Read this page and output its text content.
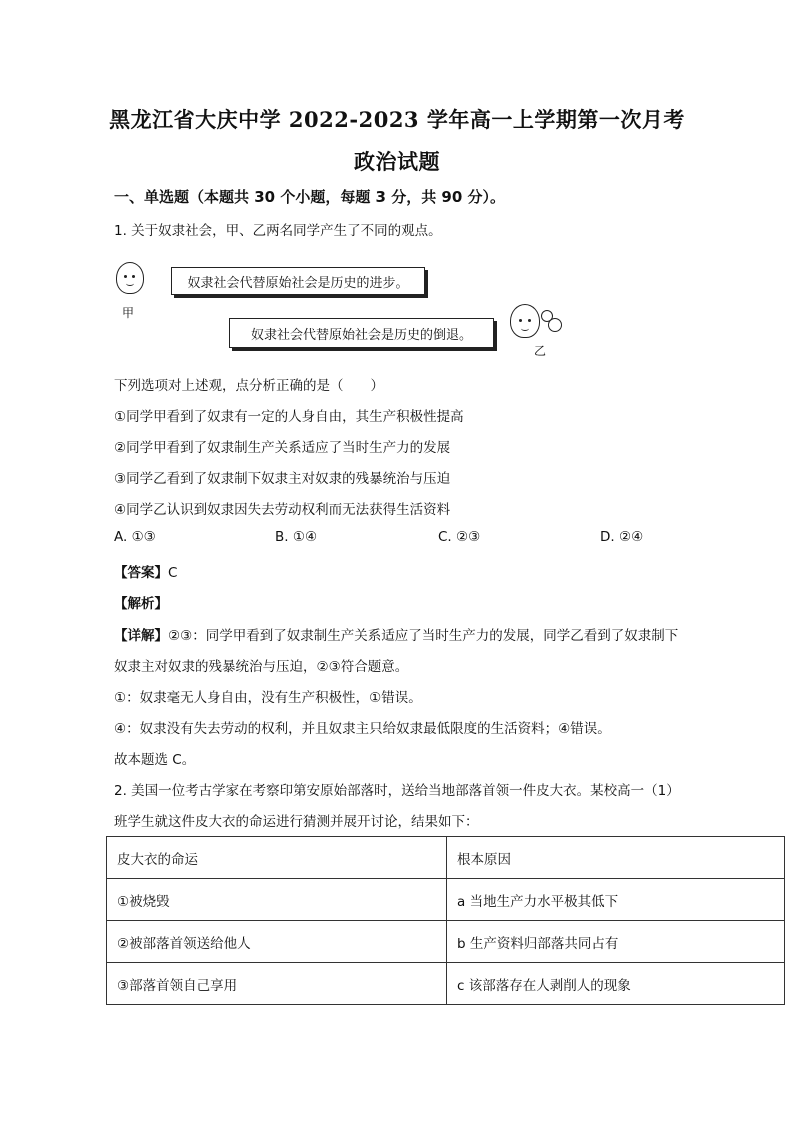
黑龙江省大庆中学 2022-2023 学年高一上学期第一次月考
政治试题
一、单选题（本题共 30 个小题，每题 3 分，共 90 分）。
1. 关于奴隶社会，甲、乙两名同学产生了不同的观点。
甲
奴隶社会代替原始社会是历史的进步。
奴隶社会代替原始社会是历史的倒退。
乙
下列选项对上述观，点分析正确的是（　　）
①同学甲看到了奴隶有一定的人身自由，其生产积极性提高
②同学甲看到了奴隶制生产关系适应了当时生产力的发展
③同学乙看到了奴隶制下奴隶主对奴隶的残暴统治与压迫
④同学乙认识到奴隶因失去劳动权利而无法获得生活资料
A. ①③	B. ①④	C. ②③	D. ②④
【答案】C
【解析】
【详解】②③：同学甲看到了奴隶制生产关系适应了当时生产力的发展，同学乙看到了奴隶制下
奴隶主对奴隶的残暴统治与压迫，②③符合题意。
①：奴隶毫无人身自由，没有生产积极性，①错误。
④：奴隶没有失去劳动的权利，并且奴隶主只给奴隶最低限度的生活资料；④错误。
故本题选 C。
2. 美国一位考古学家在考察印第安原始部落时，送给当地部落首领一件皮大衣。某校高一（1）
班学生就这件皮大衣的命运进行猜测并展开讨论，结果如下：
皮大衣的命运	根本原因
①被烧毁	a 当地生产力水平极其低下
②被部落首领送给他人	b 生产资料归部落共同占有
③部落首领自己享用	c 该部落存在人剥削人的现象
